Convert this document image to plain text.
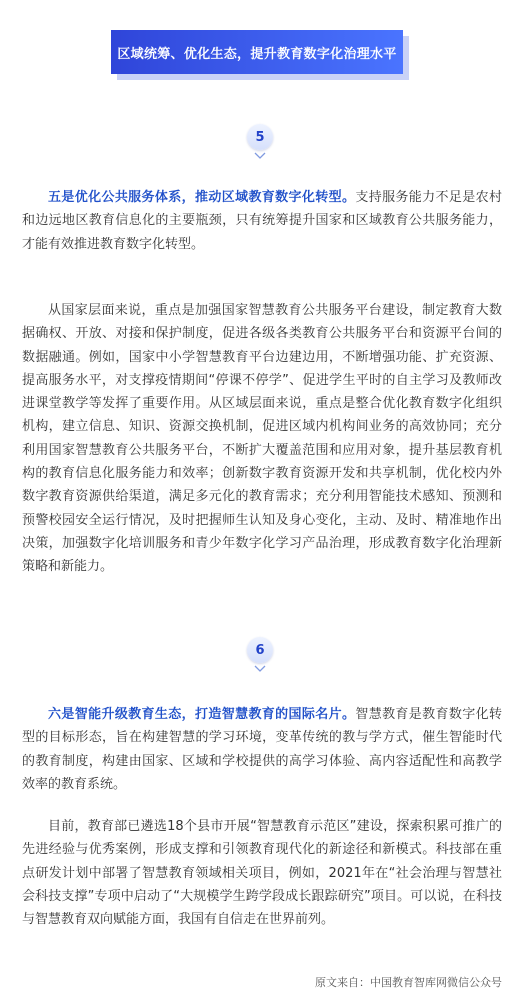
区域统筹、优化生态，提升教育数字化治理水平
5

五是优化公共服务体系，推动区域教育数字化转型。支持服务能力不足是农村和边远地区教育信息化的主要瓶颈，只有统筹提升国家和区域教育公共服务能力，才能有效推进教育数字化转型。

从国家层面来说，重点是加强国家智慧教育公共服务平台建设，制定教育大数据确权、开放、对接和保护制度，促进各级各类教育公共服务平台和资源平台间的数据融通。例如，国家中小学智慧教育平台边建边用，不断增强功能、扩充资源、提高服务水平，对支撑疫情期间“停课不停学”、促进学生平时的自主学习及教师改进课堂教学等发挥了重要作用。从区域层面来说，重点是整合优化教育数字化组织机构，建立信息、知识、资源交换机制，促进区域内机构间业务的高效协同；充分利用国家智慧教育公共服务平台，不断扩大覆盖范围和应用对象，提升基层教育机构的教育信息化服务能力和效率；创新数字教育资源开发和共享机制，优化校内外数字教育资源供给渠道，满足多元化的教育需求；充分利用智能技术感知、预测和预警校园安全运行情况，及时把握师生认知及身心变化，主动、及时、精准地作出决策，加强数字化培训服务和青少年数字化学习产品治理，形成教育数字化治理新策略和新能力。

6

六是智能升级教育生态，打造智慧教育的国际名片。智慧教育是教育数字化转型的目标形态，旨在构建智慧的学习环境，变革传统的教与学方式，催生智能时代的教育制度，构建由国家、区域和学校提供的高学习体验、高内容适配性和高教学效率的教育系统。

目前，教育部已遴选18个县市开展“智慧教育示范区”建设，探索积累可推广的先进经验与优秀案例，形成支撑和引领教育现代化的新途径和新模式。科技部在重点研发计划中部署了智慧教育领域相关项目，例如，2021年在“社会治理与智慧社会科技支撑”专项中启动了“大规模学生跨学段成长跟踪研究”项目。可以说，在科技与智慧教育双向赋能方面，我国有自信走在世界前列。

原文来自：中国教育智库网微信公众号
